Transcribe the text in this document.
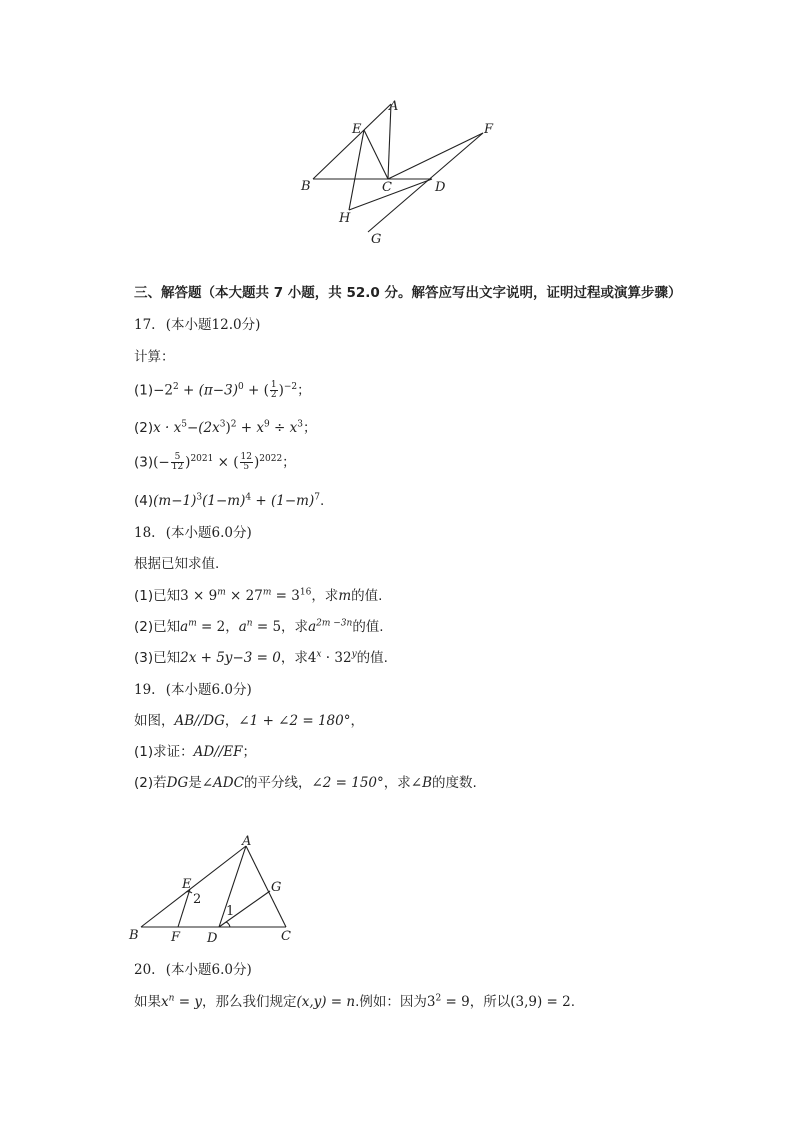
A
E	F
B	C	D
H
G
三、解答题（本大题共 7 小题，共 52.0 分。解答应写出文字说明，证明过程或演算步骤）
17. (本小题12.0分)
计算：
$(1)-2^2 + (\pi-3)^0$ + ( $\frac{1}{2} )^{-2}$；
$(2)x \cdot x^5-(2x^3)^2 + x^9 \div x^3$；
$(3)(- \frac{5}{12} )^{2021}$ × ( $\frac{12}{5} )^{2022}$；
$(4)(m-1)^3(1-m)^4 + (1-m)^7$.
18. (本小题6.0分)
根据已知求值.
(1)已知$3 \times 9^m \times 27^m = 3^{16}$，求m的值.
(2)已知$a^m = 2$，$a^n = 5$，求$a^{2m -3n}$的值.
(3)已知2x + 5y−3 = 0，求$4^x \cdot 32^y$的值.
19. (本小题6.0分)
如图，AB//DG，∠1 + ∠2 = 180°，
(1)求证：AD//EF；
(2)若DG是∠ADC的平分线，∠2 = 150°，求∠B的度数.
A
E	G
2
1
B F D	C
20. (本小题6.0分)
如果$x^n = y$，那么我们规定(x,y) = n.例如：因为$3^2 = 9$，所以(3,9) = 2.
